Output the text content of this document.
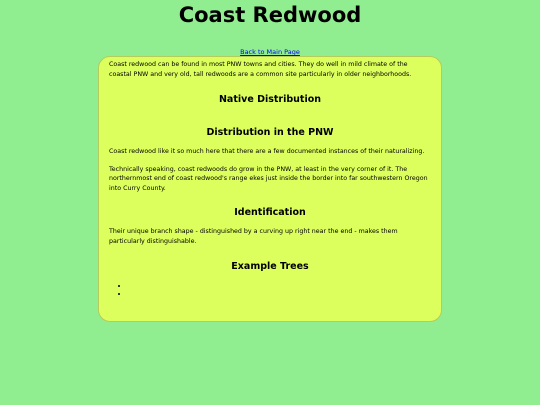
Coast Redwood
Back to Main Page

Coast redwood can be found in most PNW towns and cities. They do well in mild climate of the coastal PNW and very old, tall redwoods are a common site particularly in older neighborhoods.

Native Distribution
Distribution in the PNW

Coast redwood like it so much here that there are a few documented instances of their naturalizing.

Technically speaking, coast redwoods do grow in the PNW, at least in the very corner of it. The northernmost end of coast redwood's range ekes just inside the border into far southwestern Oregon into Curry County.

Identification

Their unique branch shape - distinguished by a curving up right near the end - makes them particularly distinguishable.

Example Trees
•
•
